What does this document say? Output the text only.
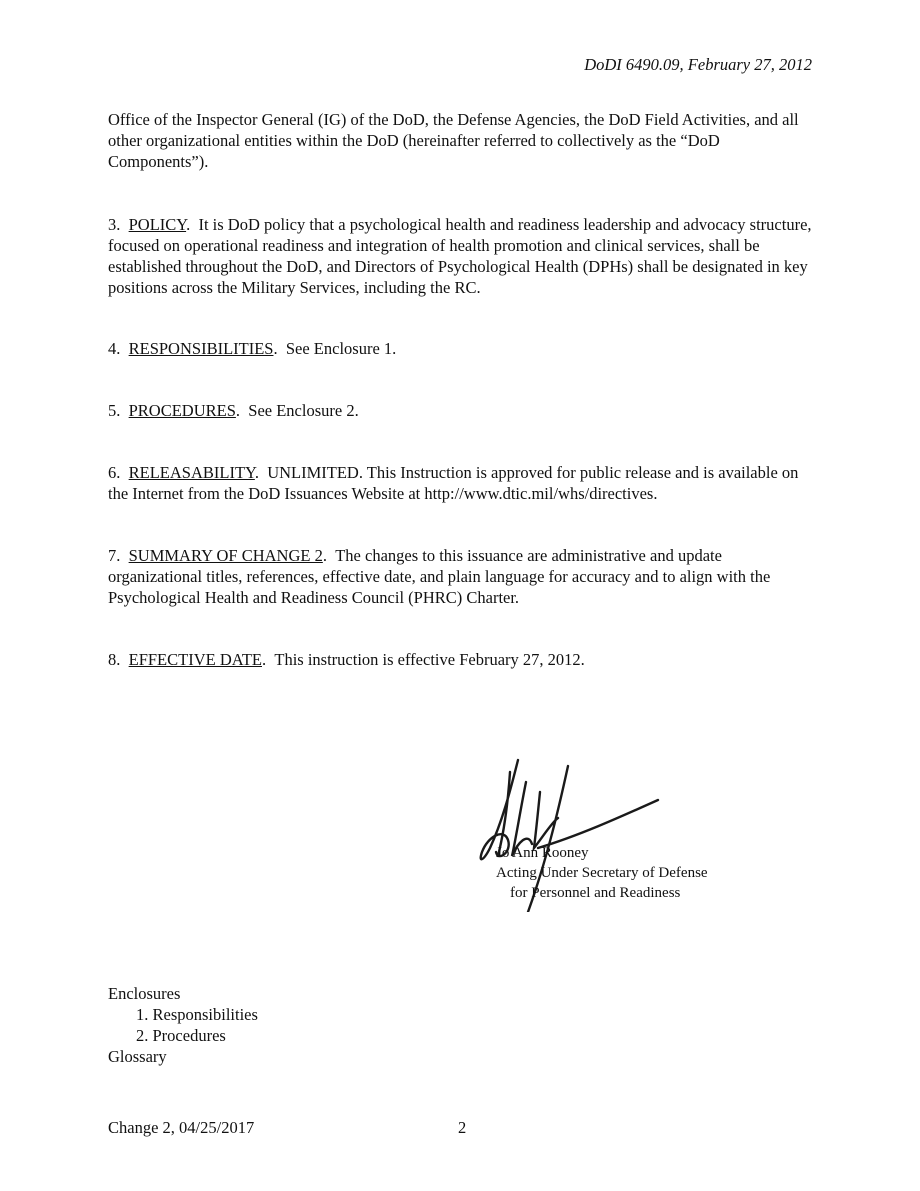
DoDI 6490.09, February 27, 2012

Office of the Inspector General (IG) of the DoD, the Defense Agencies, the DoD Field Activities, and all other organizational entities within the DoD (hereinafter referred to collectively as the “DoD Components”).

3. POLICY.  It is DoD policy that a psychological health and readiness leadership and advocacy structure, focused on operational readiness and integration of health promotion and clinical services, shall be established throughout the DoD, and Directors of Psychological Health (DPHs) shall be designated in key positions across the Military Services, including the RC.

4. RESPONSIBILITIES.  See Enclosure 1.

5. PROCEDURES.  See Enclosure 2.

6. RELEASABILITY.  UNLIMITED. This Instruction is approved for public release and is available on the Internet from the DoD Issuances Website at http://www.dtic.mil/whs/directives.

7. SUMMARY OF CHANGE 2.  The changes to this issuance are administrative and update organizational titles, references, effective date, and plain language for accuracy and to align with the Psychological Health and Readiness Council (PHRC) Charter.

8. EFFECTIVE DATE.  This instruction is effective February 27, 2012.

Jo Ann Rooney
Acting Under Secretary of Defense
for Personnel and Readiness
Enclosures
1. Responsibilities
2. Procedures
Glossary
Change 2, 04/25/2017	2
